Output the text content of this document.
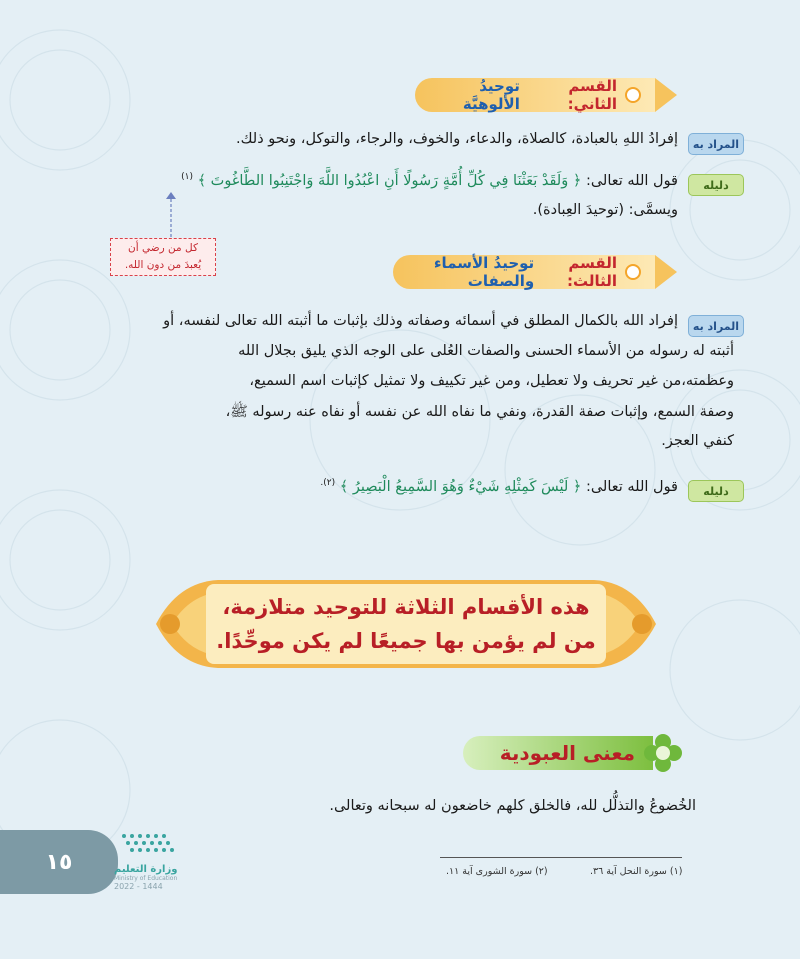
القسم الثاني:
توحيدُ الألوهيَّة
المراد به
إفرادُ اللهِ بالعبادة، كالصلاة، والدعاء، والخوف، والرجاء، والتوكل، ونحو ذلك.
دليله
قول الله تعالى: ﴿ وَلَقَدْ بَعَثْنَا فِي كُلِّ أُمَّةٍ رَسُولًا أَنِ اعْبُدُوا اللَّهَ وَاجْتَنِبُوا الطَّاغُوتَ ﴾ $^{(١)}$
ويسمَّى: (توحيدَ العِبادة).
كل من رضي أن
يُعبدَ من دون الله.	القسم الثالث:
توحيدُ الأسماء والصفات
المراد به
إفراد الله بالكمال المطلق في أسمائه وصفاته وذلك بإثبات ما أثبته الله تعالى لنفسه، أو
أثبته له رسوله من الأسماء الحسنى والصفات العُلى على الوجه الذي يليق بجلال الله
وعظمته،من غير تحريف ولا تعطيل، ومن غير تكييف ولا تمثيل كإثبات اسم السميع،
وصفة السمع، وإثبات صفة القدرة، ونفي ما نفاه الله عن نفسه أو نفاه عنه رسوله ﷺ،
كنفي العجز.
دليله
قول الله تعالى: ﴿ لَيْسَ كَمِثْلِهِ شَيْءٌ وَهُوَ السَّمِيعُ الْبَصِيرُ ﴾ $^{(٢).}$
هذه الأقسام الثلاثة للتوحيد متلازمة،
من لم يؤمن بها جميعًا لم يكن موحِّدًا.
معنى العبودية
الخُضوعُ والتذلُّل لله، فالخلق كلهم خاضعون له سبحانه وتعالى.
(١) سورة النحل آية ٣٦.
(٢) سورة الشورى آية ١١.
١٥	وزارة التعليم
Ministry of Education
2022 - 1444
